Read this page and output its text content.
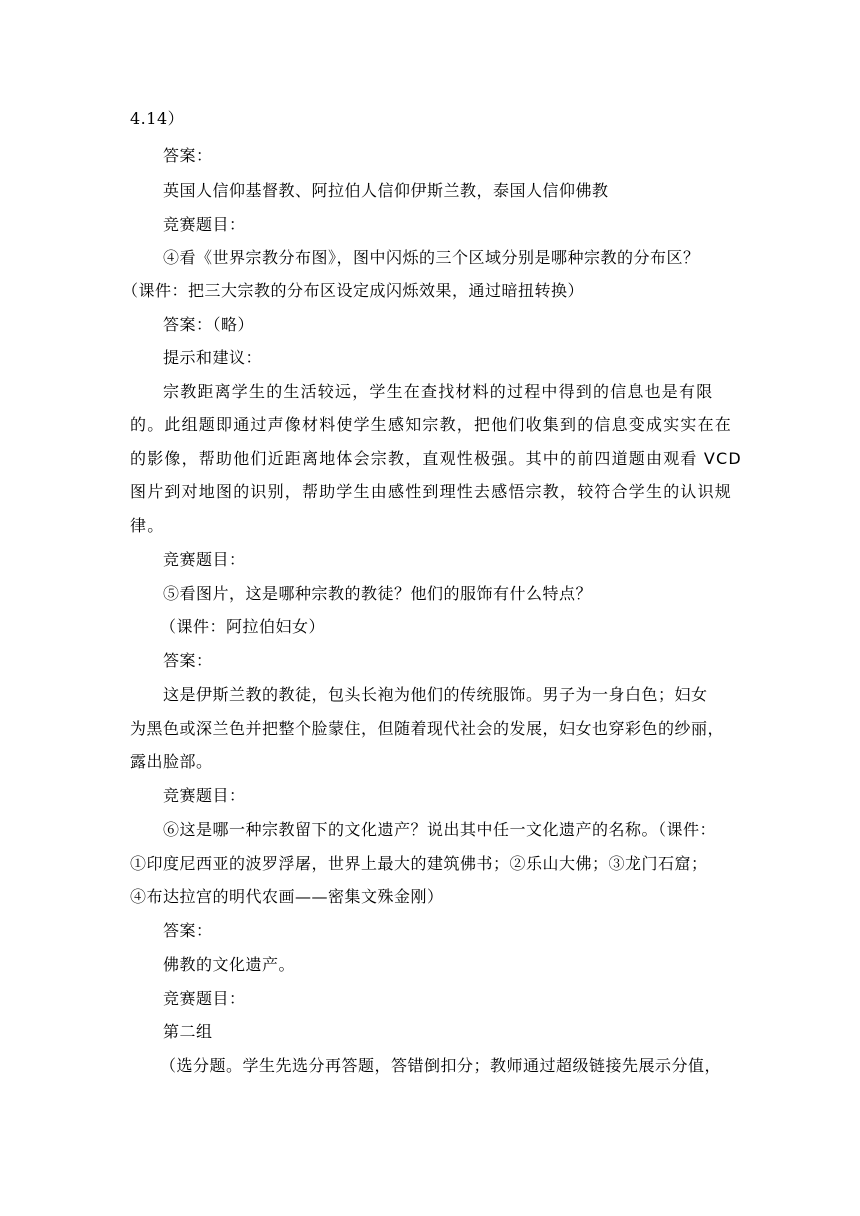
4.14）
答案：
英国人信仰基督教、阿拉伯人信仰伊斯兰教，泰国人信仰佛教
竞赛题目：
④看《世界宗教分布图》，图中闪烁的三个区域分别是哪种宗教的分布区？
（课件：把三大宗教的分布区设定成闪烁效果，通过暗扭转换）
答案：（略）
提示和建议：
宗教距离学生的生活较远，学生在查找材料的过程中得到的信息也是有限
的。此组题即通过声像材料使学生感知宗教，把他们收集到的信息变成实实在在
的影像，帮助他们近距离地体会宗教，直观性极强。其中的前四道题由观看 VCD
图片到对地图的识别，帮助学生由感性到理性去感悟宗教，较符合学生的认识规
律。
竞赛题目：
⑤看图片，这是哪种宗教的教徒？他们的服饰有什么特点？
（课件：阿拉伯妇女）
答案：
这是伊斯兰教的教徒，包头长袍为他们的传统服饰。男子为一身白色；妇女
为黑色或深兰色并把整个脸蒙住，但随着现代社会的发展，妇女也穿彩色的纱丽，
露出脸部。
竞赛题目：
⑥这是哪一种宗教留下的文化遗产？说出其中任一文化遗产的名称。（课件：
①印度尼西亚的波罗浮屠，世界上最大的建筑佛书；②乐山大佛；③龙门石窟；
④布达拉宫的明代农画——密集文殊金刚）
答案：
佛教的文化遗产。
竞赛题目：
第二组
（选分题。学生先选分再答题，答错倒扣分；教师通过超级链接先展示分值，
